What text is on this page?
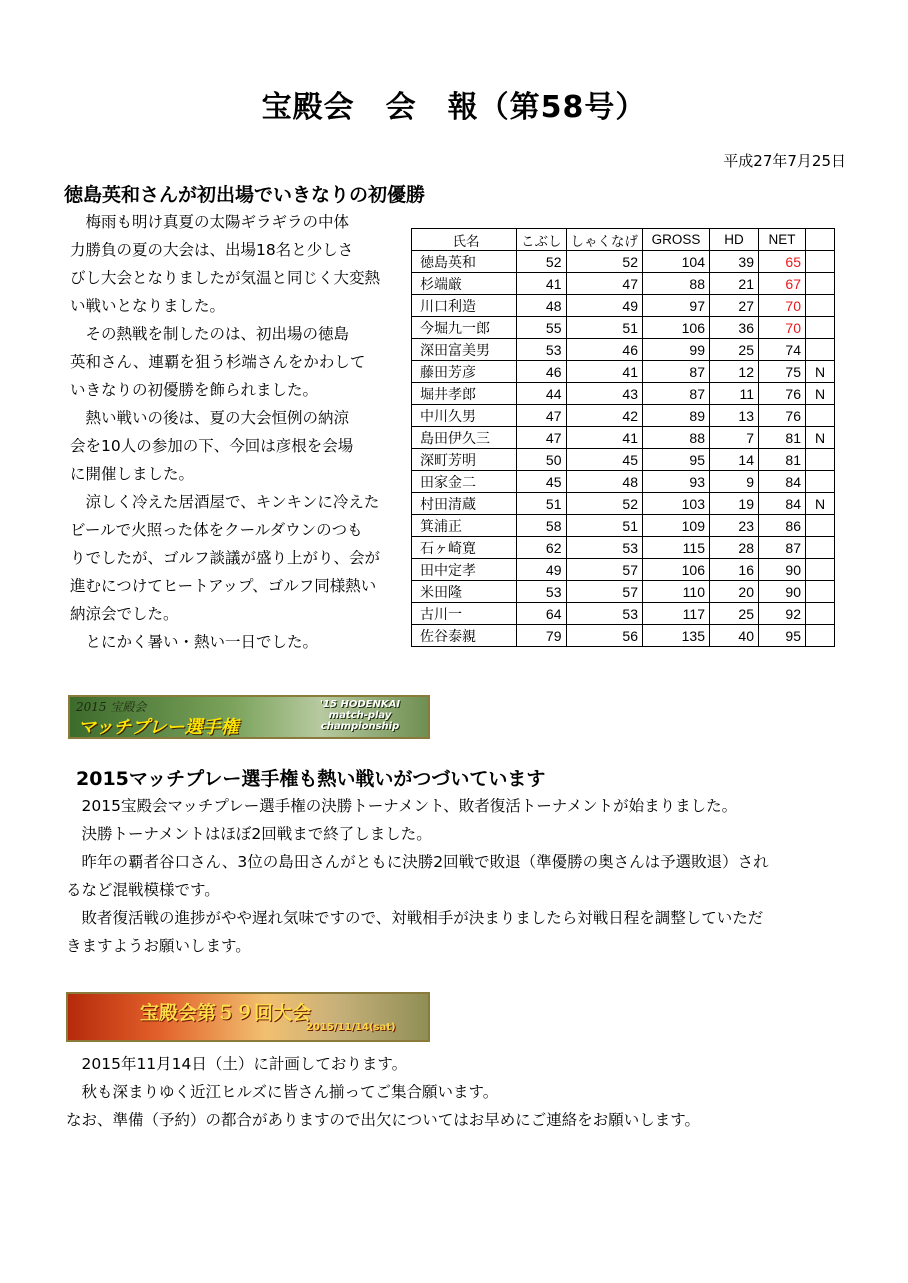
宝殿会　会　報（第58号）
平成27年7月25日
徳島英和さんが初出場でいきなりの初優勝
　梅雨も明け真夏の太陽ギラギラの中体
力勝負の夏の大会は、出場18名と少しさ
びし大会となりましたが気温と同じく大変熱
い戦いとなりました。
　その熱戦を制したのは、初出場の徳島
英和さん、連覇を狙う杉端さんをかわして
いきなりの初優勝を飾られました。
　熱い戦いの後は、夏の大会恒例の納涼
会を10人の参加の下、今回は彦根を会場
に開催しました。
　涼しく冷えた居酒屋で、キンキンに冷えた
ビールで火照った体をクールダウンのつも
りでしたが、ゴルフ談議が盛り上がり、会が
進むにつけてヒートアップ、ゴルフ同様熱い
納涼会でした。
　とにかく暑い・熱い一日でした。
氏名	こぶし	しゃくなげ	GROSS	HD	NET	
徳島英和	52	52	104	39	65	
杉端厳	41	47	88	21	67	
川口利造	48	49	97	27	70	
今堀九一郎	55	51	106	36	70	
深田富美男	53	46	99	25	74	
藤田芳彦	46	41	87	12	75	N
堀井孝郎	44	43	87	11	76	N
中川久男	47	42	89	13	76	
島田伊久三	47	41	88	7	81	N
深町芳明	50	45	95	14	81	
田家金二	45	48	93	9	84	
村田清蔵	51	52	103	19	84	N
箕浦正	58	51	109	23	86	
石ヶ崎寛	62	53	115	28	87	
田中定孝	49	57	106	16	90	
米田隆	53	57	110	20	90	
古川一	64	53	117	25	92	
佐谷泰親	79	56	135	40	95	
2015 宝殿会
マッチプレー選手権
'15 HODENKAI
match-play
championship
2015マッチプレー選手権も熱い戦いがつづいています
　2015宝殿会マッチプレー選手権の決勝トーナメント、敗者復活トーナメントが始まりました。
　決勝トーナメントはほぼ2回戦まで終了しました。
　昨年の覇者谷口さん、3位の島田さんがともに決勝2回戦で敗退（準優勝の奥さんは予選敗退）され
るなど混戦模様です。
　敗者復活戦の進捗がやや遅れ気味ですので、対戦相手が決まりましたら対戦日程を調整していただ
きますようお願いします。
宝殿会第５９回大会
2015/11/14(sat)
　2015年11月14日（土）に計画しております。
　秋も深まりゆく近江ヒルズに皆さん揃ってご集合願います。
なお、準備（予約）の都合がありますので出欠についてはお早めにご連絡をお願いします。
